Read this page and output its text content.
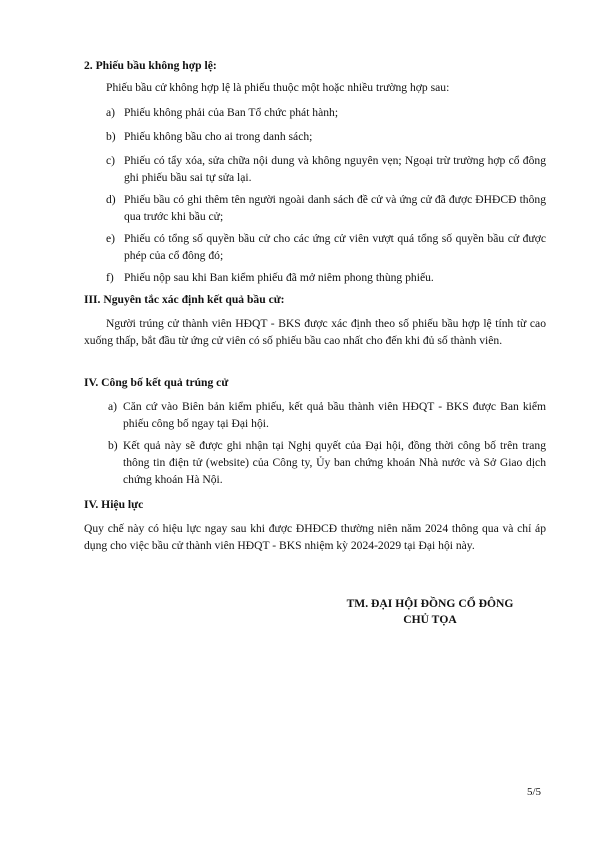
2. Phiếu bầu không hợp lệ:
Phiếu bầu cử không hợp lệ là phiếu thuộc một hoặc nhiều trường hợp sau:
a) Phiếu không phải của Ban Tổ chức phát hành;
b) Phiếu không bầu cho ai trong danh sách;
c) Phiếu có tẩy xóa, sửa chữa nội dung và không nguyên vẹn; Ngoại trừ trường hợp cổ đông ghi phiếu bầu sai tự sửa lại.
d) Phiếu bầu có ghi thêm tên người ngoài danh sách đề cử và ứng cử đã được ĐHĐCĐ thông qua trước khi bầu cử;
e) Phiếu có tổng số quyền bầu cử cho các ứng cử viên vượt quá tổng số quyền bầu cử được phép của cổ đông đó;
f) Phiếu nộp sau khi Ban kiểm phiếu đã mở niêm phong thùng phiếu.
III. Nguyên tắc xác định kết quả bầu cử:
Người trúng cử thành viên HĐQT - BKS được xác định theo số phiếu bầu hợp lệ tính từ cao xuống thấp, bắt đầu từ ứng cử viên có số phiếu bầu cao nhất cho đến khi đủ số thành viên.
IV. Công bố kết quả trúng cử
a) Căn cứ vào Biên bản kiểm phiếu, kết quả bầu thành viên HĐQT - BKS được Ban kiểm phiếu công bố ngay tại Đại hội.
b) Kết quả này sẽ được ghi nhận tại Nghị quyết của Đại hội, đồng thời công bố trên trang thông tin điện tử (website) của Công ty, Ủy ban chứng khoán Nhà nước và Sở Giao dịch chứng khoán Hà Nội.
IV. Hiệu lực
Quy chế này có hiệu lực ngay sau khi được ĐHĐCĐ thường niên năm 2024 thông qua và chỉ áp dụng cho việc bầu cử thành viên HĐQT - BKS nhiệm kỳ 2024-2029 tại Đại hội này.
TM. ĐẠI HỘI ĐỒNG CỔ ĐÔNG
CHỦ TỌA
5/5
